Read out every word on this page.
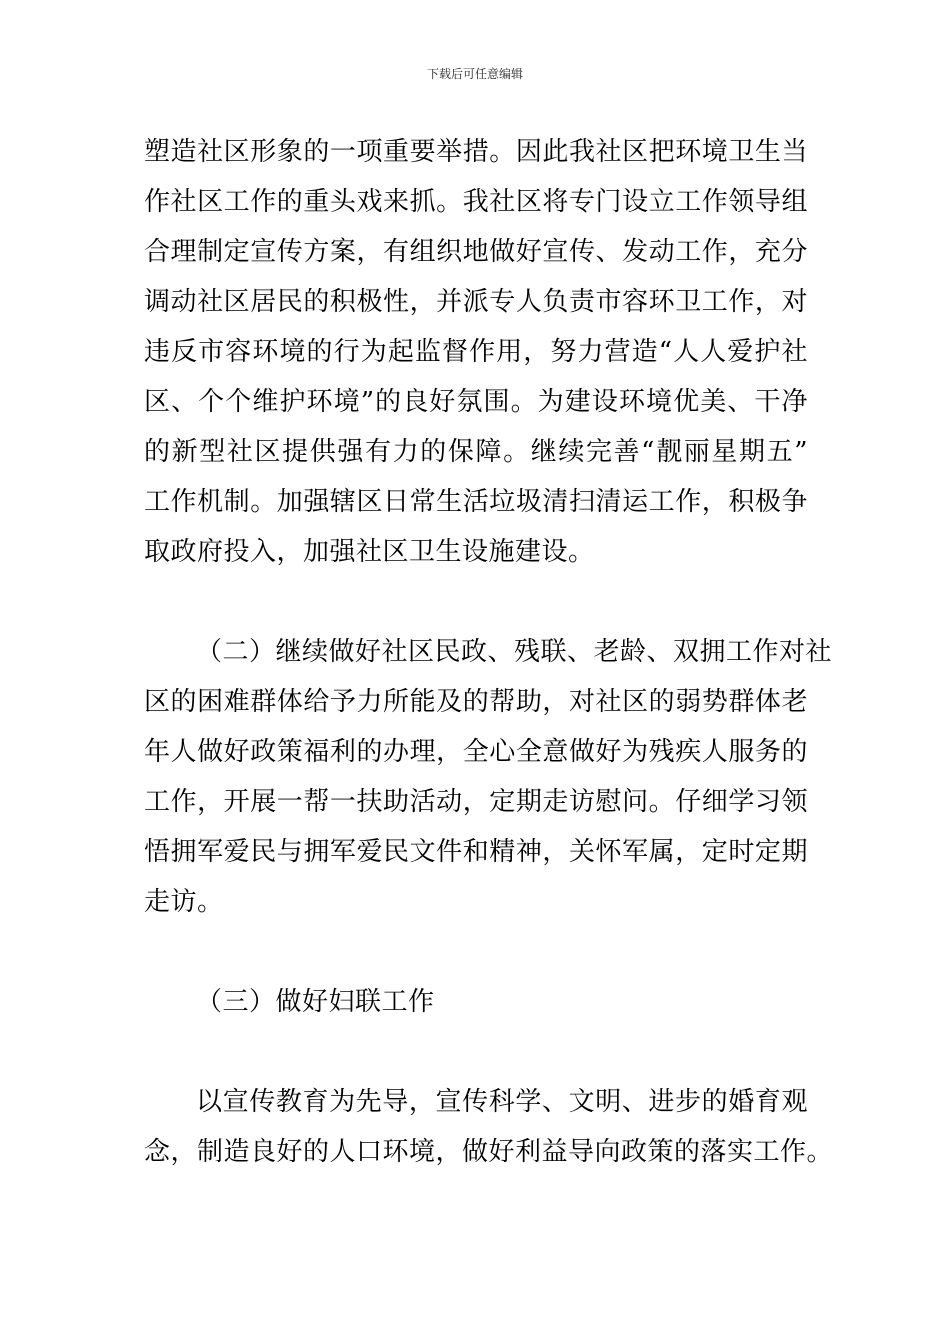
下载后可任意编辑
塑造社区形象的一项重要举措。因此我社区把环境卫生当
作社区工作的重头戏来抓。我社区将专门设立工作领导组
合理制定宣传方案，有组织地做好宣传、发动工作，充分
调动社区居民的积极性，并派专人负责市容环卫工作，对
违反市容环境的行为起监督作用，努力营造“人人爱护社
区、个个维护环境”的良好氛围。为建设环境优美、干净
的新型社区提供强有力的保障。继续完善“靓丽星期五”
工作机制。加强辖区日常生活垃圾清扫清运工作，积极争
取政府投入，加强社区卫生设施建设。
（二）继续做好社区民政、残联、老龄、双拥工作对社
区的困难群体给予力所能及的帮助，对社区的弱势群体老
年人做好政策福利的办理，全心全意做好为残疾人服务的
工作，开展一帮一扶助活动，定期走访慰问。仔细学习领
悟拥军爱民与拥军爱民文件和精神，关怀军属，定时定期
走访。
（三）做好妇联工作
以宣传教育为先导，宣传科学、文明、进步的婚育观
念，制造良好的人口环境，做好利益导向政策的落实工作。
